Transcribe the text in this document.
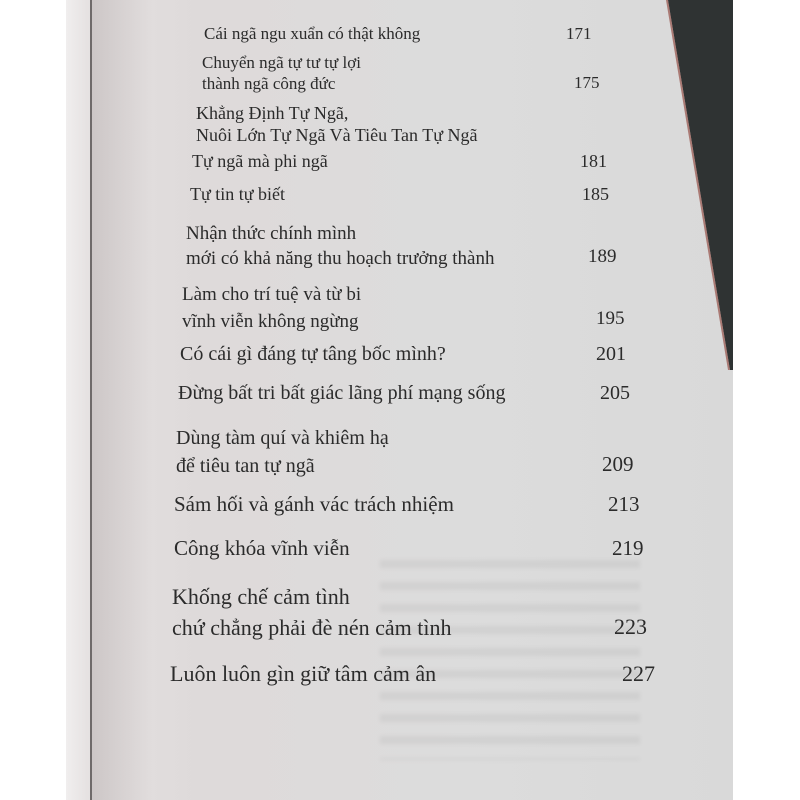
Cái ngã ngu xuẩn có thật không	171
Chuyển ngã tự tư tự lợi
thành ngã công đức	175
Khẳng Định Tự Ngã,
Nuôi Lớn Tự Ngã Và Tiêu Tan Tự Ngã
Tự ngã mà phi ngã	181
Tự tin tự biết	185
Nhận thức chính mình
mới có khả năng thu hoạch trưởng thành	189
Làm cho trí tuệ và từ bi
vĩnh viễn không ngừng	195
Có cái gì đáng tự tâng bốc mình?	201
Đừng bất tri bất giác lãng phí mạng sống	205
Dùng tàm quí và khiêm hạ
để tiêu tan tự ngã	209
Sám hối và gánh vác trách nhiệm	213
Công khóa vĩnh viễn	219
Khống chế cảm tình
chứ chẳng phải đè nén cảm tình	223
Luôn luôn gìn giữ tâm cảm ân	227
